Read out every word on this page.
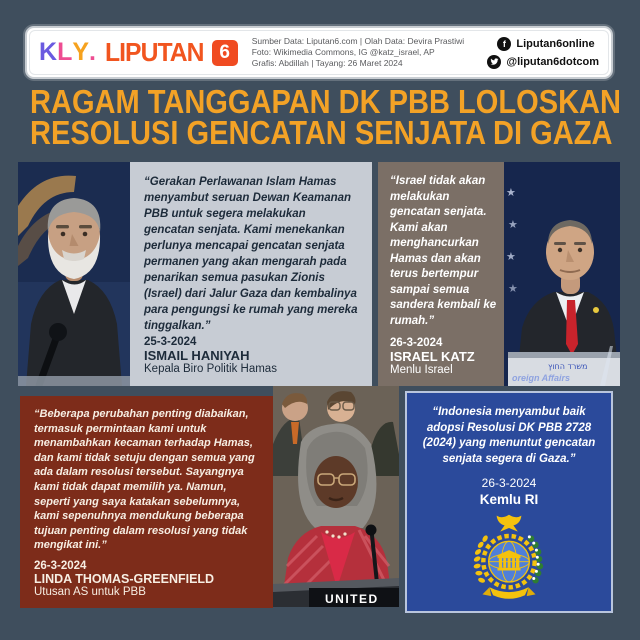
K L Y . LIPUTAN 6
Sumber Data: Liputan6.com | Olah Data: Devira Prastiwi
Foto: Wikimedia Commons, IG @katz_israel, AP
Grafis: Abdillah | Tayang: 26 Maret 2024
f Liputan6online
@liputan6dotcom
RAGAM TANGGAPAN DK PBB LOLOSKAN
RESOLUSI GENCATAN SENJATA DI GAZA
“Gerakan Perlawanan Islam Hamas menyambut seruan Dewan Keamanan PBB untuk segera melakukan gencatan senjata. Kami menekankan perlunya mencapai gencatan senjata permanen yang akan mengarah pada penarikan semua pasukan Zionis (Israel) dari Jalur Gaza dan kembalinya para pengungsi ke rumah yang mereka tinggalkan.”
25-3-2024
ISMAIL HANIYAH
Kepala Biro Politik Hamas
“Israel tidak akan melakukan gencatan senjata. Kami akan menghancurkan Hamas dan akan terus bertempur sampai semua sandera kembali ke rumah.”
26-3-2024
ISRAEL KATZ
Menlu Israel
★
★
★
★
משרד החוץ
oreign Affairs
“Beberapa perubahan penting diabaikan, termasuk permintaan kami untuk menambahkan kecaman terhadap Hamas, dan kami tidak setuju dengan semua yang ada dalam resolusi tersebut. Sayangnya kami tidak dapat memilih ya. Namun, seperti yang saya katakan sebelumnya, kami sepenuhnya mendukung beberapa tujuan penting dalam resolusi yang tidak mengikat ini.”
26-3-2024
LINDA THOMAS-GREENFIELD
Utusan AS untuk PBB	UNITED
“Indonesia menyambut baik adopsi Resolusi DK PBB 2728 (2024) yang menuntut gencatan senjata segera di Gaza.”
26-3-2024
Kemlu RI
